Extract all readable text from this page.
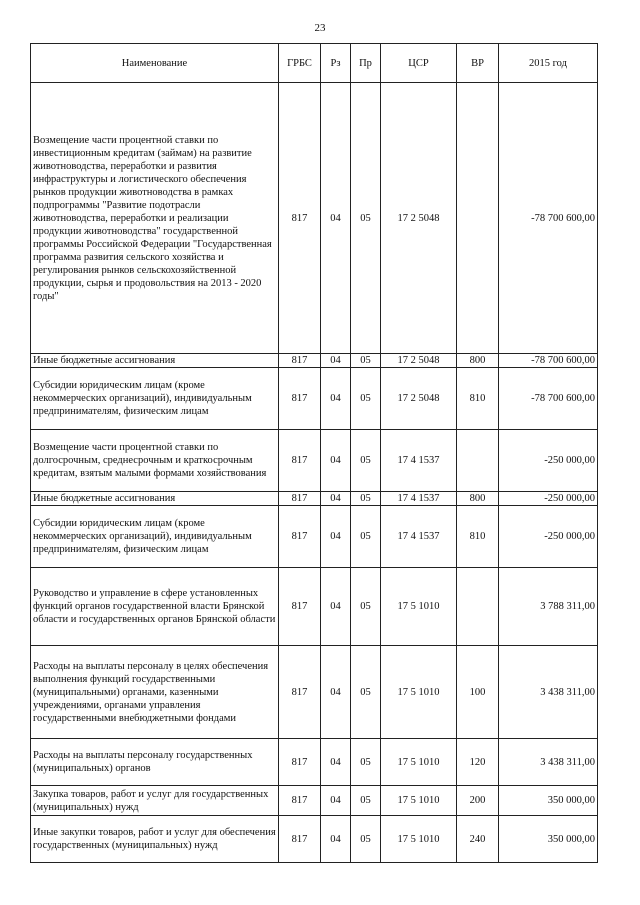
23
Наименование	ГРБС	Рз	Пр	ЦСР	ВР	2015 год
Возмещение части процентной ставки по инвестиционным кредитам (займам) на развитие животноводства, переработки и развития инфраструктуры и логистического обеспечения рынков продукции животноводства в рамках подпрограммы "Развитие подотрасли животноводства, переработки и реализации продукции животноводства" государственной программы Российской Федерации "Государственная программа развития сельского хозяйства и регулирования рынков сельскохозяйственной продукции, сырья и продовольствия на 2013 - 2020 годы"	817	04	05	17 2 5048		-78 700 600,00
Иные бюджетные ассигнования	817	04	05	17 2 5048	800	-78 700 600,00
Субсидии юридическим лицам (кроме некоммерческих организаций), индивидуальным предпринимателям, физическим лицам	817	04	05	17 2 5048	810	-78 700 600,00
Возмещение части процентной ставки по долгосрочным, среднесрочным и краткосрочным кредитам, взятым малыми формами хозяйствования	817	04	05	17 4 1537		-250 000,00
Иные бюджетные ассигнования	817	04	05	17 4 1537	800	-250 000,00
Субсидии юридическим лицам (кроме некоммерческих организаций), индивидуальным предпринимателям, физическим лицам	817	04	05	17 4 1537	810	-250 000,00
Руководство и управление в сфере установленных функций органов государственной власти Брянской области и государственных органов Брянской области	817	04	05	17 5 1010		3 788 311,00
Расходы на выплаты персоналу в целях обеспечения выполнения функций государственными (муниципальными) органами, казенными учреждениями, органами управления государственными внебюджетными фондами	817	04	05	17 5 1010	100	3 438 311,00
Расходы на выплаты персоналу государственных (муниципальных) органов	817	04	05	17 5 1010	120	3 438 311,00
Закупка товаров, работ и услуг для государственных (муниципальных) нужд	817	04	05	17 5 1010	200	350 000,00
Иные закупки товаров, работ и услуг для обеспечения государственных (муниципальных) нужд	817	04	05	17 5 1010	240	350 000,00
